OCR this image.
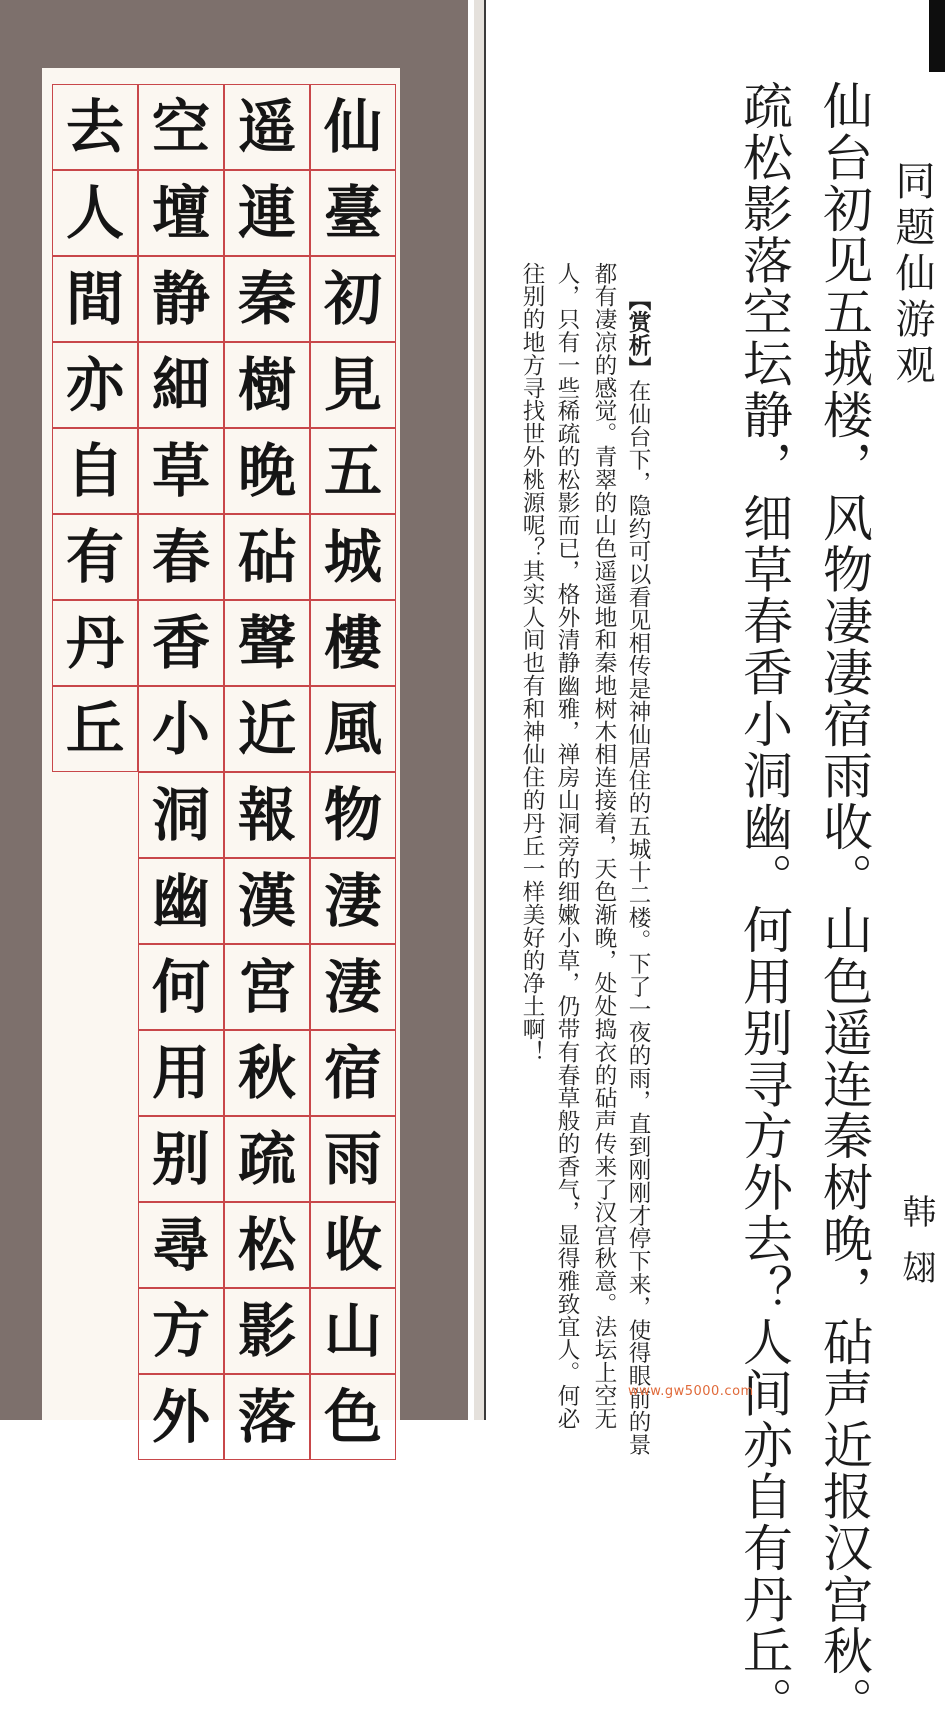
仙
臺
初
見
五
城
樓
風
物
淒
淒
宿
雨
收
山
色
遥
連
秦
樹
晚
砧
聲
近
報
漢
宮
秋
疏
松
影
落
空
壇
静
細
草
春
香
小
洞
幽
何
用
别
尋
方
外
去
人
間
亦
自
有
丹
丘
同题仙游观
韩翃
仙台初见五城楼，风物凄凄宿雨收。山色遥连秦树晚，砧声近报汉宫秋。
疏松影落空坛静，细草春香小洞幽。何用别寻方外去？人间亦自有丹丘。
【赏析】在仙台下，隐约可以看见相传是神仙居住的五城十二楼。下了一夜的雨，直到刚刚才停下来，使得眼前的景
都有凄凉的感觉。青翠的山色遥遥地和秦地树木相连接着，天色渐晚，处处捣衣的砧声传来了汉宫秋意。法坛上空无
人，只有一些稀疏的松影而已，格外清静幽雅，禅房山洞旁的细嫩小草，仍带有春草般的香气，显得雅致宜人。何必
往别的地方寻找世外桃源呢？其实人间也有和神仙住的丹丘一样美好的净土啊！
www.gw5000.com
